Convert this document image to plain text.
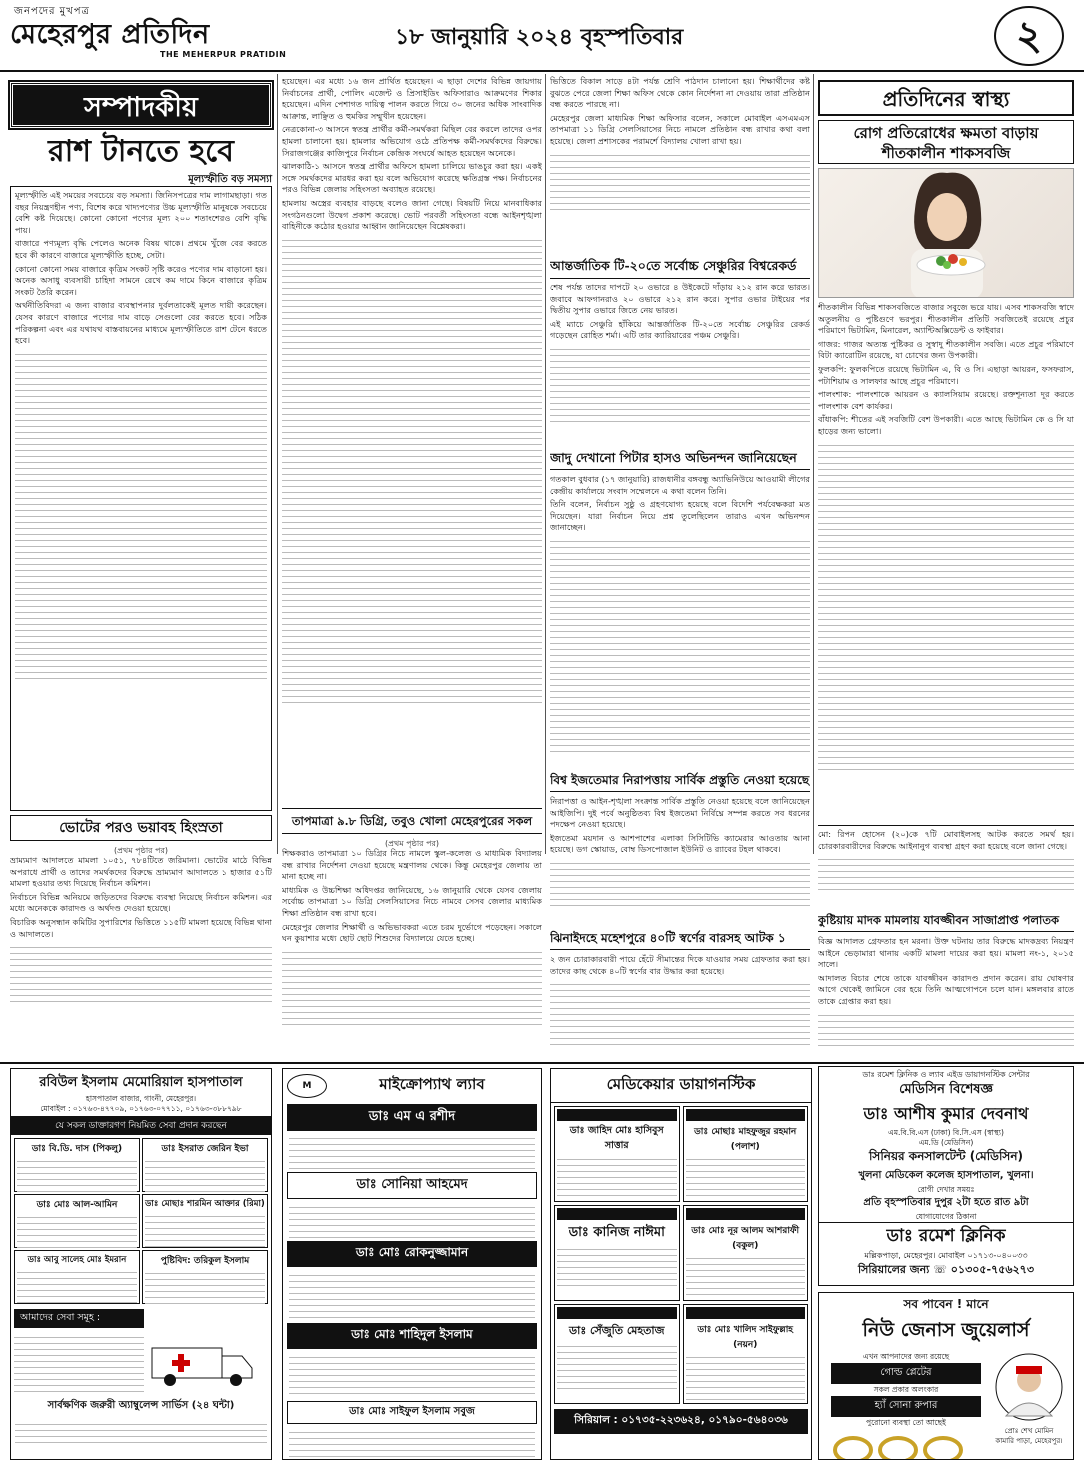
জনপদের মুখপত্র
মেহেরপুর প্রতিদিন
THE MEHERPUR PRATIDIN
১৮ জানুয়ারি ২০২৪ বৃহস্পতিবার	২
সম্পাদকীয়
রাশ টানতে হবে
মূল্যস্ফীতি বড় সমস্যা

মূল্যস্ফীতি এই সময়ের সবচেয়ে বড় সমস্যা। জিনিসপত্রের দাম লাগামছাড়া। গত বছর নিয়ন্ত্রণহীন পণ্য, বিশেষ করে খাদ্যপণ্যের উচ্চ মূল্যস্ফীতি মানুষকে সবচেয়ে বেশি কষ্ট দিয়েছে। কোনো কোনো পণ্যের মূল্য ২০০ শতাংশেরও বেশি বৃদ্ধি পায়।

বাজারে পণ্যমূল্য বৃদ্ধি পেলেও অনেক বিষয় থাকে। প্রথমে খুঁজে বের করতে হবে কী কারণে বাজারে মূল্যস্ফীতি হচ্ছে, সেটা।

কোনো কোনো সময় বাজারে কৃত্রিম সংকট সৃষ্টি করেও পণ্যের দাম বাড়ানো হয়। অনেক অসাধু ব্যবসায়ী চাহিদা সামনে রেখে কম দামে কিনে বাজারে কৃত্রিম সংকট তৈরি করেন।

অর্থনীতিবিদরা এ জন্য বাজার ব্যবস্থাপনার দুর্বলতাকেই মূলত দায়ী করেছেন। যেসব কারণে বাজারে পণ্যের দাম বাড়ে সেগুলো বের করতে হবে। সঠিক পরিকল্পনা এবং এর যথাযথ বাস্তবায়নের মাধ্যমে মূল্যস্ফীতিতে রাশ টেনে ধরতে হবে।

হয়েছেন। এর মধ্যে ১৬ জন প্রার্থিত হয়েছেন। এ ছাড়া দেশের বিভিন্ন জায়গায় নির্বাচনের প্রার্থী, পোলিং এজেন্ট ও প্রিসাইডিং অফিসারাও আক্রমণের শিকার হয়েছেন। এদিন পেশাগত দায়িত্ব পালন করতে গিয়ে ৩০ জনের অধিক সাংবাদিক আক্রান্ত, লাঞ্ছিত ও হুমকির সম্মুখীন হয়েছেন।

নেত্রকোনা-৩ আসনে স্বতন্ত্র প্রার্থীর কর্মী-সমর্থকরা মিছিল বের করলে তাদের ওপর হামলা চালানো হয়। হামলার অভিযোগ ওঠে প্রতিপক্ষ কর্মী-সমর্থকদের বিরুদ্ধে। সিরাজগঞ্জের কাজিপুরে নির্বাচন কেন্দ্রিক সংঘর্ষে আহত হয়েছেন অনেকে।

ঝালকাঠি-১ আসনে স্বতন্ত্র প্রার্থীর অফিসে হামলা চালিয়ে ভাঙচুর করা হয়। একই সঙ্গে সমর্থকদের মারধর করা হয় বলে অভিযোগ করেছে ক্ষতিগ্রস্ত পক্ষ। নির্বাচনের পরও বিভিন্ন জেলায় সহিংসতা অব্যাহত রয়েছে।

হামলায় অস্ত্রের ব্যবহার বাড়ছে বলেও জানা গেছে। বিষয়টি নিয়ে মানবাধিকার সংগঠনগুলো উদ্বেগ প্রকাশ করেছে। ভোট পরবর্তী সহিংসতা বন্ধে আইনশৃঙ্খলা বাহিনীকে কঠোর হওয়ার আহ্বান জানিয়েছেন বিশ্লেষকরা।

ভিত্তিতে বিকাল সাড়ে ৪টা পর্যন্ত শ্রেণি পাঠদান চালানো হয়। শিক্ষার্থীদের কষ্ট বুঝতে পেরে জেলা শিক্ষা অফিস থেকে কোন নির্দেশনা না দেওয়ায় তারা প্রতিষ্ঠান বন্ধ করতে পারছে না।

মেহেরপুর জেলা মাধ্যমিক শিক্ষা অফিসার বলেন, সকালে মোবাইল এসএমএস তাপমাত্রা ১১ ডিগ্রি সেলসিয়াসের নিচে নামলে প্রতিষ্ঠান বন্ধ রাখার কথা বলা হয়েছে। জেলা প্রশাসকের পরামর্শে বিদ্যালয় খোলা রাখা হয়।

আন্তর্জাতিক টি-২০তে সর্বোচ্চ সেঞ্চুরির বিশ্বরেকর্ড

শেষ পর্যন্ত তাদের দাপটে ২০ ওভারে ৪ উইকেটে দাঁড়ায় ২১২ রান করে ভারত। জবাবে আফগানরাও ২০ ওভারে ২১২ রান করে। সুপার ওভার টাইয়ের পর দ্বিতীয় সুপার ওভারে জিতে নেয় ভারত।

এই ম্যাচে সেঞ্চুরি হাঁকিয়ে আন্তর্জাতিক টি-২০তে সর্বোচ্চ সেঞ্চুরির রেকর্ড গড়েছেন রোহিত শর্মা। এটি তার ক্যারিয়ারের পঞ্চম সেঞ্চুরি।

জাদু দেখানো পিটার হাসও অভিনন্দন জানিয়েছেন

গতকাল বুধবার (১৭ জানুয়ারি) রাজধানীর বঙ্গবন্ধু অ্যাভিনিউয়ে আওয়ামী লীগের কেন্দ্রীয় কার্যালয়ে সংবাদ সম্মেলনে এ কথা বলেন তিনি।

তিনি বলেন, নির্বাচন সুষ্ঠু ও গ্রহণযোগ্য হয়েছে বলে বিদেশি পর্যবেক্ষকরা মত দিয়েছেন। যারা নির্বাচন নিয়ে প্রশ্ন তুলেছিলেন তারাও এখন অভিনন্দন জানাচ্ছেন।

বিশ্ব ইজতেমার নিরাপত্তায় সার্বিক প্রস্তুতি নেওয়া হয়েছে

নিরাপত্তা ও আইন-শৃঙ্খলা সংক্রান্ত সার্বিক প্রস্তুতি নেওয়া হয়েছে বলে জানিয়েছেন আইজিপি। দুই পর্বে অনুষ্ঠিতব্য বিশ্ব ইজতেমা নির্বিঘ্নে সম্পন্ন করতে সব ধরনের পদক্ষেপ নেওয়া হয়েছে।

ইজতেমা ময়দান ও আশপাশের এলাকা সিসিটিভি ক্যামেরার আওতায় আনা হয়েছে। ডগ স্কোয়াড, বোম্ব ডিসপোজাল ইউনিট ও র‌্যাবের টহল থাকবে।

ঝিনাইদহে মহেশপুরে ৪০টি স্বর্ণের বারসহ আটক ১

২ জন চোরাকারবারী পায়ে হেঁটে সীমান্তের দিকে যাওয়ার সময় গ্রেফতার করা হয়। তাদের কাছ থেকে ৪০টি স্বর্ণের বার উদ্ধার করা হয়েছে।

প্রতিদিনের স্বাস্থ্য
রোগ প্রতিরোধের ক্ষমতা বাড়ায় শীতকালীন শাকসবজি

শীতকালীন বিভিন্ন শাকসবজিতে বাজার সবুজে ভরে যায়। এসব শাকসবজি স্বাদে অতুলনীয় ও পুষ্টিগুণে ভরপুর। শীতকালীন প্রতিটি সবজিতেই রয়েছে প্রচুর পরিমাণে ভিটামিন, মিনারেল, অ্যান্টিঅক্সিডেন্ট ও ফাইবার।

গাজর: গাজর অত্যন্ত পুষ্টিকর ও সুস্বাদু শীতকালীন সবজি। এতে প্রচুর পরিমাণে বিটা ক্যারোটিন রয়েছে, যা চোখের জন্য উপকারী।

ফুলকপি: ফুলকপিতে রয়েছে ভিটামিন এ, বি ও সি। এছাড়া আয়রন, ফসফরাস, পটাশিয়াম ও সালফার আছে প্রচুর পরিমাণে।

পালংশাক: পালংশাকে আয়রন ও ক্যালসিয়াম রয়েছে। রক্তশূন্যতা দূর করতে পালংশাক বেশ কার্যকর।

বাঁধাকপি: শীতের এই সবজিটি বেশ উপকারী। এতে আছে ভিটামিন কে ও সি যা হাড়ের জন্য ভালো।

মো: রিপন হোসেন (২০)কে ৭টি মোবাইলসহ আটক করতে সমর্থ হয়। চোরকারবারীদের বিরুদ্ধে আইনানুগ ব্যবস্থা গ্রহণ করা হয়েছে বলে জানা গেছে।

কুষ্টিয়ায় মাদক মামলায় যাবজ্জীবন সাজাপ্রাপ্ত পলাতক

বিজ্ঞ আদালত গ্রেফতার হন মরনা। উক্ত ঘটনায় তার বিরুদ্ধে মাদকদ্রব্য নিয়ন্ত্রণ আইনে ভেড়ামারা থানায় একটি মামলা দায়ের করা হয়। মামলা নং-১, ২০১৫ সালে।

আদালত বিচার শেষে তাকে যাবজ্জীবন কারাদণ্ড প্রদান করেন। রায় ঘোষণার আগে থেকেই জামিনে বের হয়ে তিনি আত্মগোপনে চলে যান। মঙ্গলবার রাতে তাকে গ্রেপ্তার করা হয়।

তাপমাত্রা ৯.৮ ডিগ্রি, তবুও খোলা মেহেরপুরের সকল
(প্রথম পৃষ্ঠার পর)

শিক্ষকরাও তাপমাত্রা ১০ ডিগ্রির নিচে নামলে স্কুল-কলেজ ও মাধ্যমিক বিদ্যালয় বন্ধ রাখার নির্দেশনা দেওয়া হয়েছে মন্ত্রণালয় থেকে। কিন্তু মেহেরপুর জেলায় তা মানা হচ্ছে না।

মাধ্যমিক ও উচ্চশিক্ষা অধিদপ্তর জানিয়েছে, ১৬ জানুয়ারি থেকে যেসব জেলায় সর্বোচ্চ তাপমাত্রা ১০ ডিগ্রি সেলসিয়াসের নিচে নামবে সেসব জেলার মাধ্যমিক শিক্ষা প্রতিষ্ঠান বন্ধ রাখা হবে।

মেহেরপুর জেলার শিক্ষার্থী ও অভিভাবকরা এতে চরম দুর্ভোগে পড়েছেন। সকালে ঘন কুয়াশার মধ্যে ছোট ছোট শিশুদের বিদ্যালয়ে যেতে হচ্ছে।

ভোটের পরও ভয়াবহ হিংস্রতা
(প্রথম পৃষ্ঠার পর)

ভ্রাম্যমাণ আদালতে মামলা ১০৫১, ৭৮৪টিতে জরিমানা। ভোটের মাঠে বিভিন্ন অপরাধে প্রার্থী ও তাদের সমর্থকদের বিরুদ্ধে ভ্রাম্যমাণ আদালতে ১ হাজার ৫১টি মামলা হওয়ার তথ্য দিয়েছে নির্বাচন কমিশন।

নির্বাচনে বিভিন্ন অনিয়মে জড়িতদের বিরুদ্ধে ব্যবস্থা নিয়েছে নির্বাচন কমিশন। এর মধ্যে অনেককে কারাদণ্ড ও অর্থদণ্ড দেওয়া হয়েছে।

বিচারিক অনুসন্ধান কমিটির সুপারিশের ভিত্তিতে ১১৫টি মামলা হয়েছে বিভিন্ন থানা ও আদালতে।

রবিউল ইসলাম মেমোরিয়াল হাসপাতাল
হাসপাতাল বাজার, গাংনী, মেহেরপুর।
মোবাইল : ০১৭৬৩-৪৭৭০৯, ০১৭৬৩-০৭৭১১, ০১৭৬৩-৩৮৮৭৯৮
যে সকল ডাক্তারগণ নিয়মিত সেবা প্রদান করছেন
ডাঃ বি.ডি. দাস (পিকলু)	ডাঃ ইসরাত জেরিন ইভা
ডাঃ মোঃ আল-আমিন	ডাঃ মোছাঃ শারমিন আক্তার (রিমা)
ডাঃ আবু সালেহ মোঃ ইমরান	পুষ্টিবিদ: তরিকুল ইসলাম
আমাদের সেবা সমূহ :
সার্বক্ষণিক জরুরী অ্যাম্বুলেন্স সার্ভিস (২৪ ঘন্টা)
M	মাইক্রোপ্যাথ ল্যাব
ডাঃ এম এ রশীদ
ডাঃ সোনিয়া আহমেদ
ডাঃ মোঃ রোকনুজ্জামান
ডাঃ মোঃ শাহিদুল ইসলাম
ডাঃ মোঃ সাইফুল ইসলাম সবুজ
মেডিকেয়ার ডায়াগনস্টিক
ডাঃ জাহিদ মোঃ হাসিবুস সাত্তার
ডাঃ মোছাঃ মাহফুজুর রহমান (পলাশ)
ডাঃ কানিজ নাঈমা	ডাঃ মোঃ নূর আলম আশরাফী (বকুল)
ডাঃ সেঁজুতি মেহতাজ	ডাঃ মোঃ খালিদ সাইফুল্লাহ (নয়ন)
সিরিয়াল : ০১৭৩৫-২২৩৬২৪, ০১৭৯০-৫৬৪০৩৬
ডাঃ রমেশ ক্লিনিক ও ল্যাব এইড ডায়াগনস্টিক সেন্টার
মেডিসিন বিশেষজ্ঞ
ডাঃ আশীষ কুমার দেবনাথ
এম.বি.বি.এস (ঢাকা) বি.সি.এস (স্বাস্থ্য)
এম.ডি (মেডিসিন)
সিনিয়র কনসালটেন্ট (মেডিসিন)
খুলনা মেডিকেল কলেজ হাসপাতাল, খুলনা।
রোগী দেখার সময়ঃ
প্রতি বৃহস্পতিবার দুপুর ২টা হতে রাত ৯টা
যোগাযোগের ঠিকানা
ডাঃ রমেশ ক্লিনিক
মল্লিকপাড়া, মেহেরপুর। মোবাইল ০১৭১৩-০৪০০৩৩
সিরিয়ালের জন্য ☏ ০১৩০৫-৭৫৬২৭৩
সব পাবেন ! মানে
নিউ জেনাস জুয়েলার্স
এখন আপনাদের জন্য রয়েছে
গোল্ড প্লেটের
সকল প্রকার অলংকার
হ্যাঁ সোনা রুপার
পুরোনো ব্যবস্থা তো আছেই
প্রোঃ শেখ মোমিন
কামারি পাড়া, মেহেরপুর।
